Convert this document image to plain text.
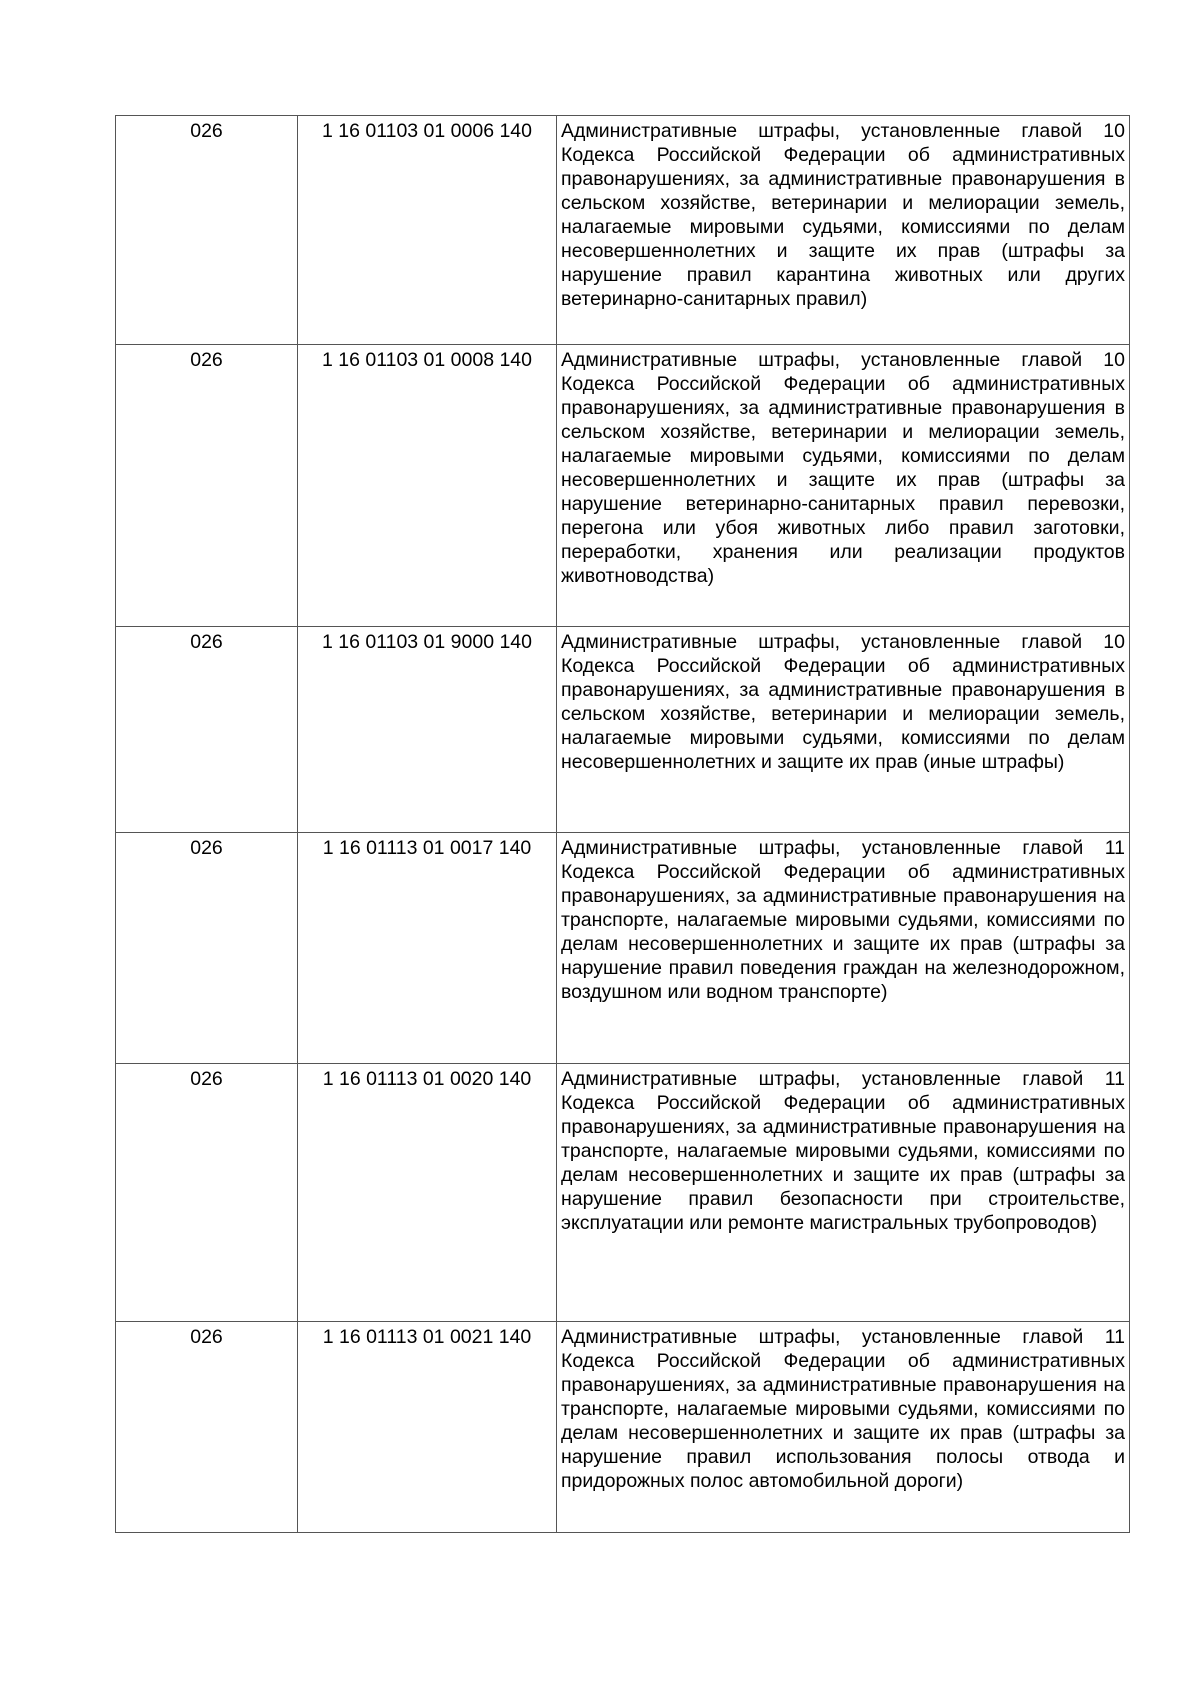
026	1 16 01103 01 0006 140	Административные штрафы, установленные главой 10 Кодекса Российской Федерации об административных правонарушениях, за административные правонарушения в сельском хозяйстве, ветеринарии и мелиорации земель, налагаемые мировыми судьями, комиссиями по делам несовершеннолетних и защите их прав (штрафы за нарушение правил карантина животных или других ветеринарно-санитарных правил)
026	1 16 01103 01 0008 140	Административные штрафы, установленные главой 10 Кодекса Российской Федерации об административных правонарушениях, за административные правонарушения в сельском хозяйстве, ветеринарии и мелиорации земель, налагаемые мировыми судьями, комиссиями по делам несовершеннолетних и защите их прав (штрафы за нарушение ветеринарно-санитарных правил перевозки, перегона или убоя животных либо правил заготовки, переработки, хранения или реализации продуктов животноводства)
026	1 16 01103 01 9000 140	Административные штрафы, установленные главой 10 Кодекса Российской Федерации об административных правонарушениях, за административные правонарушения в сельском хозяйстве, ветеринарии и мелиорации земель, налагаемые мировыми судьями, комиссиями по делам несовершеннолетних и защите их прав (иные штрафы)
026	1 16 01113 01 0017 140	Административные штрафы, установленные главой 11 Кодекса Российской Федерации об административных правонарушениях, за административные правонарушения на транспорте, налагаемые мировыми судьями, комиссиями по делам несовершеннолетних и защите их прав (штрафы за нарушение правил поведения граждан на железнодорожном, воздушном или водном транспорте)
026	1 16 01113 01 0020 140	Административные штрафы, установленные главой 11 Кодекса Российской Федерации об административных правонарушениях, за административные правонарушения на транспорте, налагаемые мировыми судьями, комиссиями по делам несовершеннолетних и защите их прав (штрафы за нарушение правил безопасности при строительстве, эксплуатации или ремонте магистральных трубопроводов)
026	1 16 01113 01 0021 140	Административные штрафы, установленные главой 11 Кодекса Российской Федерации об административных правонарушениях, за административные правонарушения на транспорте, налагаемые мировыми судьями, комиссиями по делам несовершеннолетних и защите их прав (штрафы за нарушение правил использования полосы отвода и придорожных полос автомобильной дороги)
